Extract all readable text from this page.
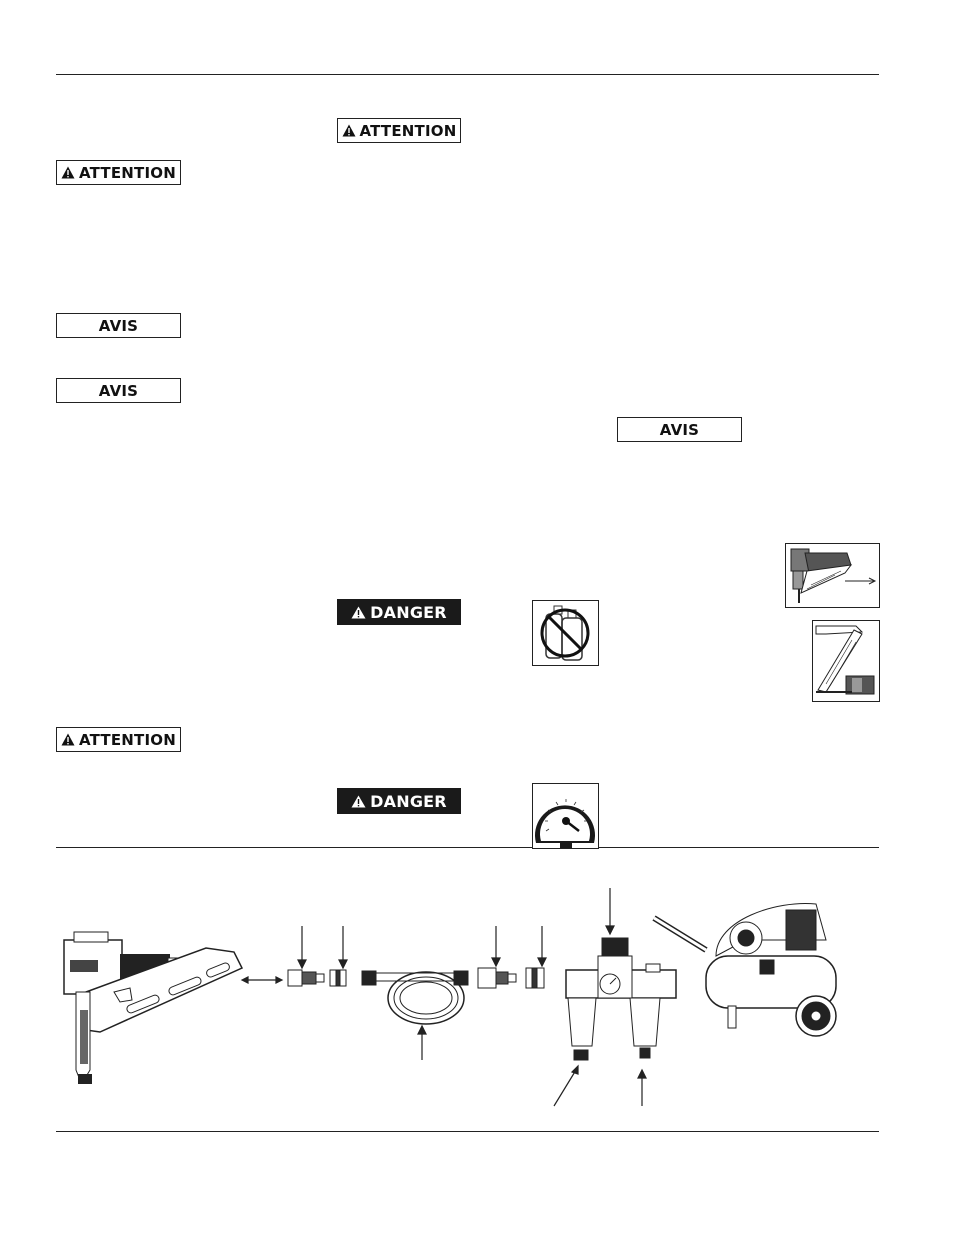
ATTENTION
ATTENTION
ATTENTION
AVIS
AVIS
AVIS
DANGER
DANGER
